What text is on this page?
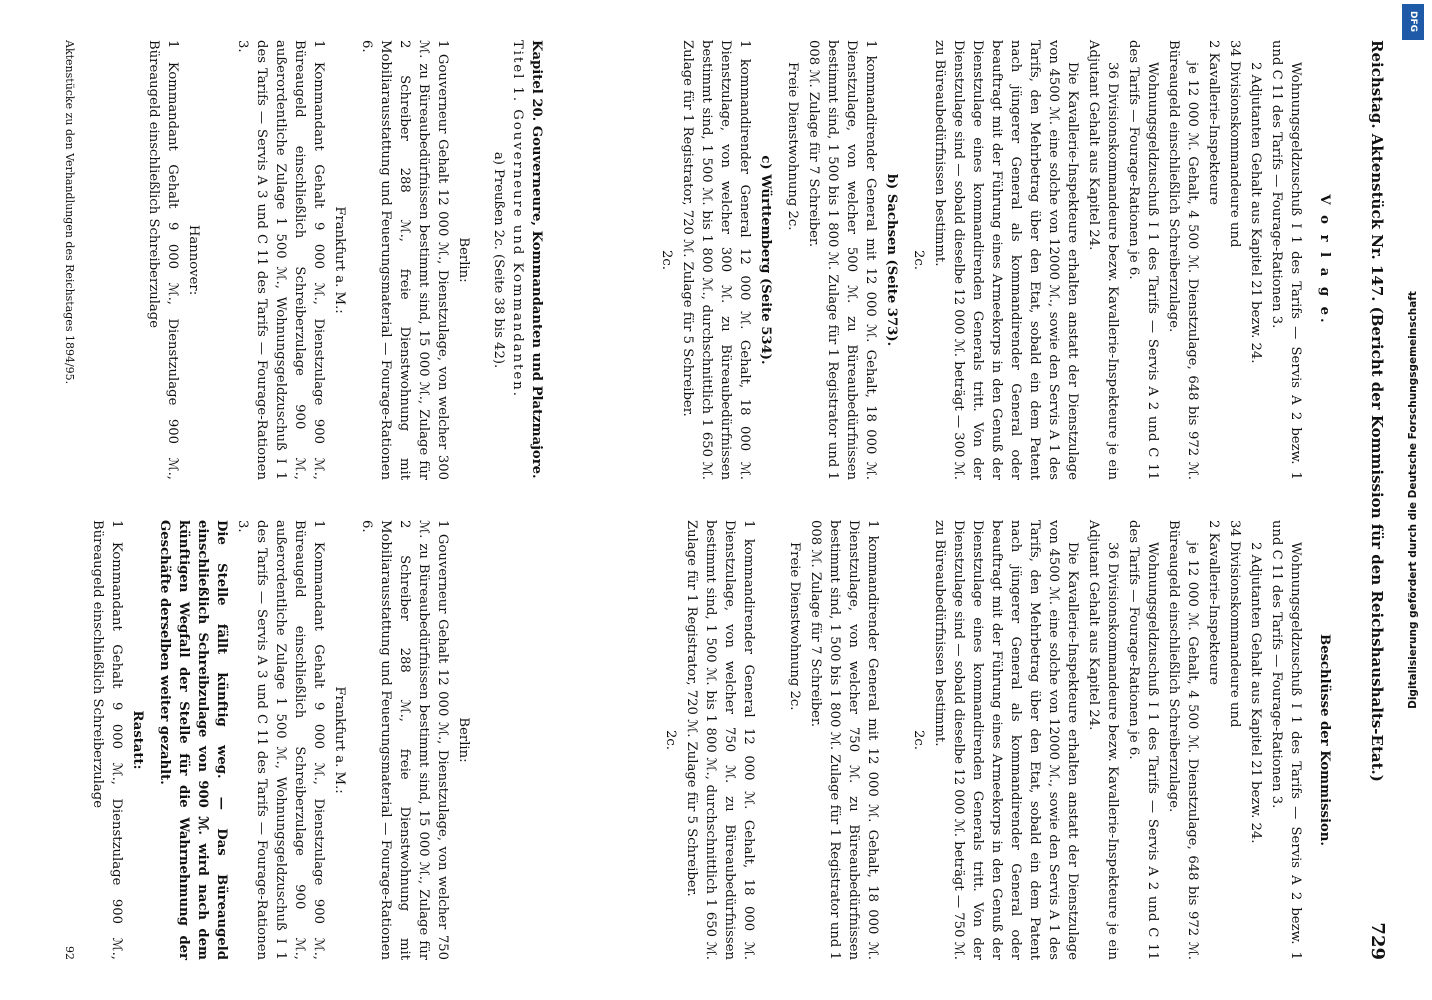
Reichstag. Aktenstück Nr. 147. (Bericht der Kommission für den Reichshaushalts-Etat.)
729
V o r l a g e.

Wohnungsgeldzuschuß I 1 des Tarifs — Servis A 2 bezw. 1 und C 11 des Tarifs — Fourage-Rationen 3.

2 Adjutanten Gehalt aus Kapitel 21 bezw. 24.

34 Divisionskommandeure und

2 Kavallerie-Inspekteure

je 12 000 ℳ. Gehalt, 4 500 ℳ. Dienstzulage, 648 bis 972 ℳ. Büreaugeld einschließlich Schreiberzulage.

Wohnungsgeldzuschuß I 1 des Tarifs — Servis A 2 und C 11 des Tarifs — Fourage-Rationen je 6.

36 Divisionskommandeure bezw. Kavallerie-Inspekteure je ein Adjutant Gehalt aus Kapitel 24.

Die Kavallerie-Inspekteure erhalten anstatt der Dienstzulage von 4500 ℳ. eine solche von 12000 ℳ., sowie den Servis A 1 des Tarifs, den Mehrbetrag über den Etat, sobald ein dem Patent nach jüngerer General als kommandirender General oder beauftragt mit der Führung eines Armeekorps in den Genuß der Dienstzulage eines kommandirenden Generals tritt. Von der Dienstzulage sind — sobald dieselbe 12 000 ℳ. beträgt — 300 ℳ. zu Büreaubedürfnissen bestimmt.

2c.
b) Sachsen (Seite 373).

1 kommandirender General mit 12 000 ℳ. Gehalt, 18 000 ℳ. Dienstzulage, von welcher 500 ℳ. zu Büreaubedürfnissen bestimmt sind, 1 500 bis 1 800 ℳ. Zulage für 1 Registrator und 1 008 ℳ. Zulage für 7 Schreiber.

Freie Dienstwohnung 2c.

c) Württemberg (Seite 534).

1 kommandirender General 12 000 ℳ. Gehalt, 18 000 ℳ. Dienstzulage, von welcher 300 ℳ. zu Büreaubedürfnissen bestimmt sind, 1 500 ℳ. bis 1 800 ℳ., durchschnittlich 1 650 ℳ. Zulage für 1 Registrator, 720 ℳ. Zulage für 5 Schreiber.

2c.
Beschlüsse der Kommission.

Wohnungsgeldzuschuß I 1 des Tarifs — Servis A 2 bezw. 1 und C 11 des Tarifs — Fourage-Rationen 3.

2 Adjutanten Gehalt aus Kapitel 21 bezw. 24.

34 Divisionskommandeure und

2 Kavallerie-Inspekteure

je 12 000 ℳ. Gehalt, 4 500 ℳ. Dienstzulage, 648 bis 972 ℳ. Büreaugeld einschließlich Schreiberzulage.

Wohnungsgeldzuschuß I 1 des Tarifs — Servis A 2 und C 11 des Tarifs — Fourage-Rationen je 6.

36 Divisionskommandeure bezw. Kavallerie-Inspekteure je ein Adjutant Gehalt aus Kapitel 24.

Die Kavallerie-Inspekteure erhalten anstatt der Dienstzulage von 4500 ℳ. eine solche von 12000 ℳ., sowie den Servis A 1 des Tarifs, den Mehrbetrag über den Etat, sobald ein dem Patent nach jüngerer General als kommandirender General oder beauftragt mit der Führung eines Armeekorps in den Genuß der Dienstzulage eines kommandirenden Generals tritt. Von der Dienstzulage sind — sobald dieselbe 12 000 ℳ. beträgt — 750 ℳ. zu Büreaubedürfnissen bestimmt.

2c.

1 kommandirender General mit 12 000 ℳ. Gehalt, 18 000 ℳ. Dienstzulage, von welcher 750 ℳ. zu Büreaubedürfnissen bestimmt sind, 1 500 bis 1 800 ℳ. Zulage für 1 Registrator und 1 008 ℳ. Zulage für 7 Schreiber.

Freie Dienstwohnung 2c.

1 kommandirender General 12 000 ℳ. Gehalt, 18 000 ℳ. Dienstzulage, von welcher 750 ℳ. zu Büreaubedürfnissen bestimmt sind, 1 500 ℳ. bis 1 800 ℳ., durchschnittlich 1 650 ℳ. Zulage für 1 Registrator, 720 ℳ. Zulage für 5 Schreiber.

2c.
Kapitel 20. Gouverneure, Kommandanten und Platzmajore.
Titel 1. Gouverneure und Kommandanten.
a) Preußen 2c. (Seite 38 bis 42).
Berlin:

1 Gouverneur Gehalt 12 000 ℳ., Dienstzulage, von welcher 300 ℳ. zu Büreaubedürfnissen bestimmt sind, 15 000 ℳ., Zulage für 2 Schreiber 288 ℳ., freie Dienstwohnung mit Mobiliarausstattung und Feuerungsmaterial — Fourage-Rationen 6.

Frankfurt a. M.:

1 Kommandant Gehalt 9 000 ℳ., Dienstzulage 900 ℳ., Büreaugeld einschließlich Schreiberzulage 900 ℳ., außerordentliche Zulage 1 500 ℳ., Wohnungsgeldzuschuß I 1 des Tarifs — Servis A 3 und C 11 des Tarifs — Fourage-Rationen 3.

Hannover:

1 Kommandant Gehalt 9 000 ℳ., Dienstzulage 900 ℳ., Büreaugeld einschließlich Schreiberzulage

Berlin:

1 Gouverneur Gehalt 12 000 ℳ., Dienstzulage, von welcher 750 ℳ. zu Büreaubedürfnissen bestimmt sind, 15 000 ℳ., Zulage für 2 Schreiber 288 ℳ., freie Dienstwohnung mit Mobiliarausstattung und Feuerungsmaterial — Fourage-Rationen 6.

Frankfurt a. M.:

1 Kommandant Gehalt 9 000 ℳ., Dienstzulage 900 ℳ., Büreaugeld einschließlich Schreiberzulage 900 ℳ., außerordentliche Zulage 1 500 ℳ., Wohnungsgeldzuschuß I 1 des Tarifs — Servis A 3 und C 11 des Tarifs — Fourage-Rationen 3.

Die Stelle fällt künftig weg. — Das Büreaugeld einschließlich Schreibzulage von 900 ℳ. wird nach dem künftigen Wegfall der Stelle für die Wahrnehmung der Geschäfte derselben weiter gezahlt.

Rastatt:

1 Kommandant Gehalt 9 000 ℳ., Dienstzulage 900 ℳ., Büreaugeld einschließlich Schreiberzulage

Aktenstücke zu den Verhandlungen des Reichstages 1894/95.
92
Digitalisierung gefördert durch die Deutsche Forschungsgemeinschaft
DFG
